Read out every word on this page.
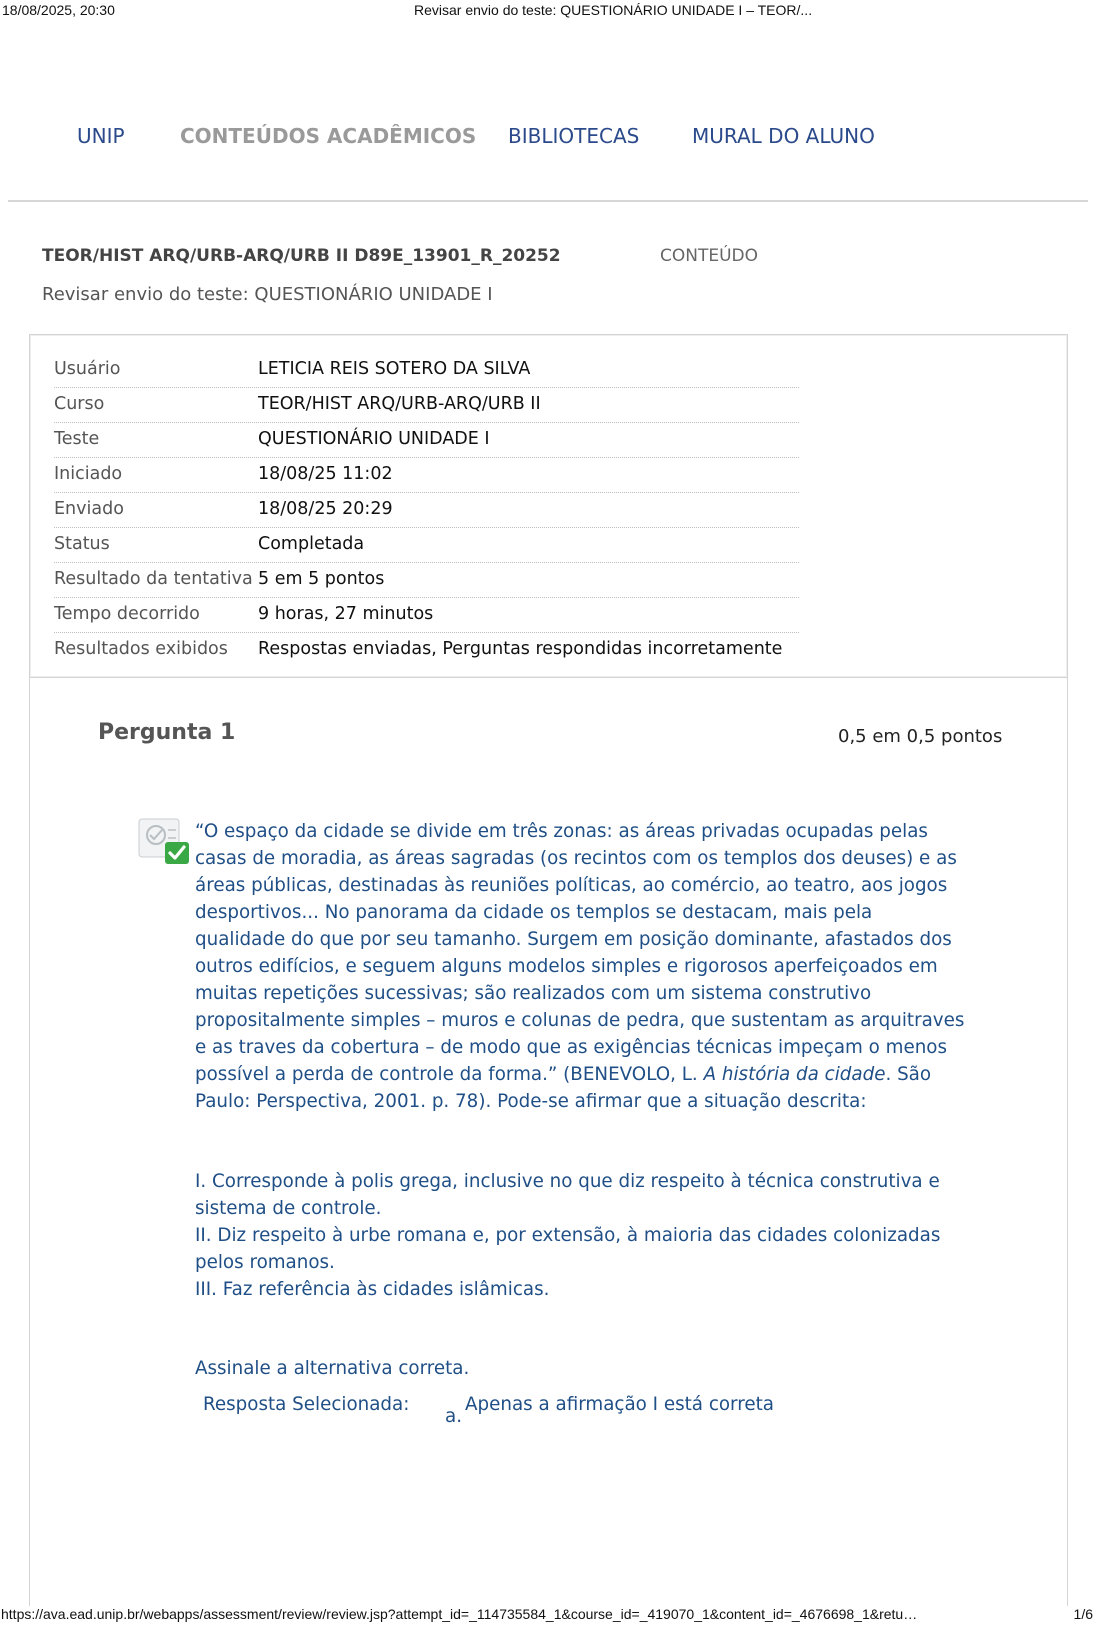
18/08/2025, 20:30	Revisar envio do teste: QUESTIONÁRIO UNIDADE I – TEOR/...
UNIP	CONTEÚDOS ACADÊMICOS BIBLIOTECAS	MURAL DO ALUNO
TEOR/HIST ARQ/URB-ARQ/URB II D89E_13901_R_20252	CONTEÚDO
Revisar envio do teste: QUESTIONÁRIO UNIDADE I
Usuário	LETICIA REIS SOTERO DA SILVA
Curso	TEOR/HIST ARQ/URB-ARQ/URB II
Teste	QUESTIONÁRIO UNIDADE I
Iniciado	18/08/25 11:02
Enviado	18/08/25 20:29
Status	Completada
Resultado da tentativa 5 em 5 pontos
Tempo decorrido	9 horas, 27 minutos
Resultados exibidos Respostas enviadas, Perguntas respondidas incorretamente
Pergunta 1	0,5 em 0,5 pontos
“O espaço da cidade se divide em três zonas: as áreas privadas ocupadas pelas casas de moradia, as áreas sagradas (os recintos com os templos dos deuses) e as áreas públicas, destinadas às reuniões políticas, ao comércio, ao teatro, aos jogos desportivos... No panorama da cidade os templos se destacam, mais pela qualidade do que por seu tamanho. Surgem em posição dominante, afastados dos outros edifícios, e seguem alguns modelos simples e rigorosos aperfeiçoados em muitas repetições sucessivas; são realizados com um sistema construtivo propositalmente simples – muros e colunas de pedra, que sustentam as arquitraves e as traves da cobertura – de modo que as exigências técnicas impeçam o menos possível a perda de controle da forma.” (BENEVOLO, L. A história da cidade. São Paulo: Perspectiva, 2001. p. 78). Pode-se afirmar que a situação descrita:
I. Corresponde à polis grega, inclusive no que diz respeito à técnica construtiva e sistema de controle.
II. Diz respeito à urbe romana e, por extensão, à maioria das cidades colonizadas pelos romanos.
III. Faz referência às cidades islâmicas.
Assinale a alternativa correta.
Resposta Selecionada:
a.
Apenas a afirmação I está correta
https://ava.ead.unip.br/webapps/assessment/review/review.jsp?attempt_id=_114735584_1&course_id=_419070_1&content_id=_4676698_1&retu…	1/6
